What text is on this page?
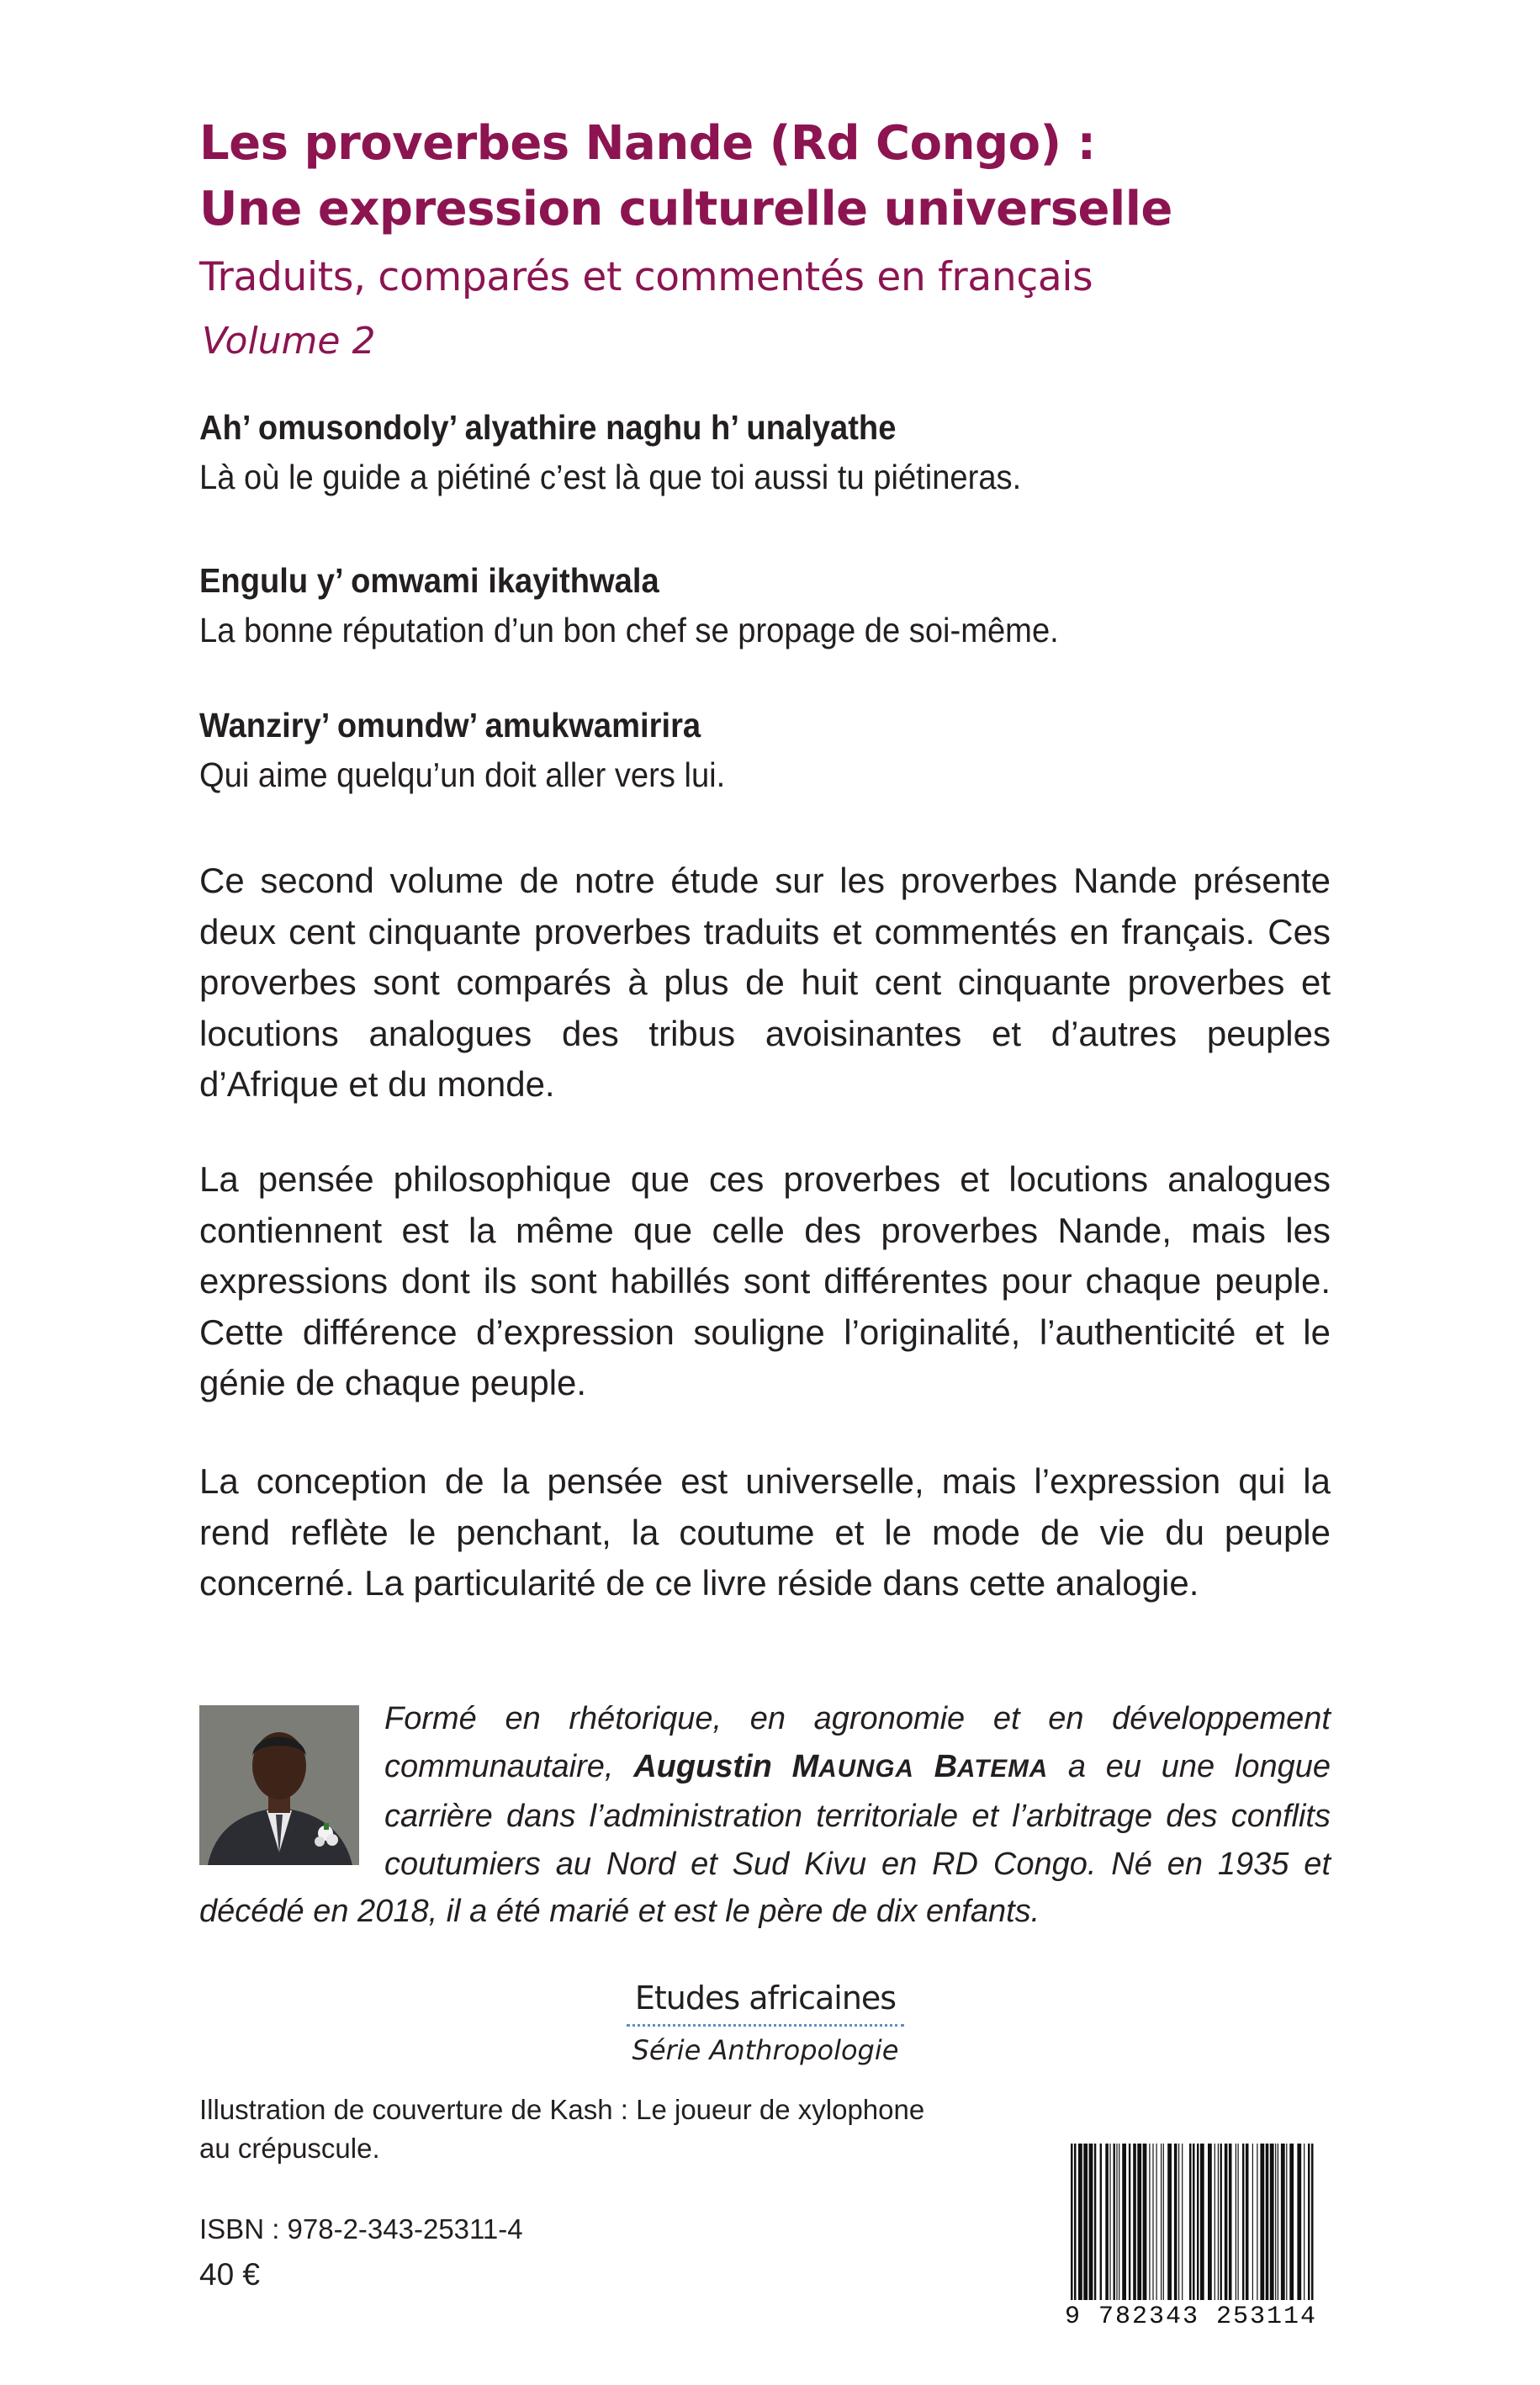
Les proverbes Nande (Rd Congo) :
Une expression culturelle universelle
Traduits, comparés et commentés en français
Volume 2
Ah’ omusondoly’ alyathire naghu h’ unalyathe
Là où le guide a piétiné c’est là que toi aussi tu piétineras.
Engulu y’ omwami ikayithwala
La bonne réputation d’un bon chef se propage de soi-même.
Wanziry’ omundw’ amukwamirira
Qui aime quelqu’un doit aller vers lui.

Ce second volume de notre étude sur les proverbes Nande présente deux cent cinquante proverbes traduits et commentés en français. Ces proverbes sont comparés à plus de huit cent cinquante proverbes et locutions analogues des tribus avoisinantes et d’autres peuples d’Afrique et du monde.

La pensée philosophique que ces proverbes et locutions analogues contiennent est la même que celle des proverbes Nande, mais les expressions dont ils sont habillés sont différentes pour chaque peuple. Cette différence d’expression souligne l’originalité, l’authenticité et le génie de chaque peuple.

La conception de la pensée est universelle, mais l’expression qui la rend reflète le penchant, la coutume et le mode de vie du peuple concerné. La particularité de ce livre réside dans cette analogie.

Formé en rhétorique, en agronomie et en développement communautaire, Augustin MAUNGA BATEMA a eu une longue carrière dans l’administration territoriale et l’arbitrage des conflits coutumiers au Nord et Sud Kivu en RD Congo. Né en 1935 et décédé en 2018, il a été marié et est le père de dix enfants.
Etudes africaines
Série Anthropologie
Illustration de couverture de Kash : Le joueur de xylophone
au crépuscule.
ISBN : 978-2-343-25311-4
40 €
9 782343 253114
